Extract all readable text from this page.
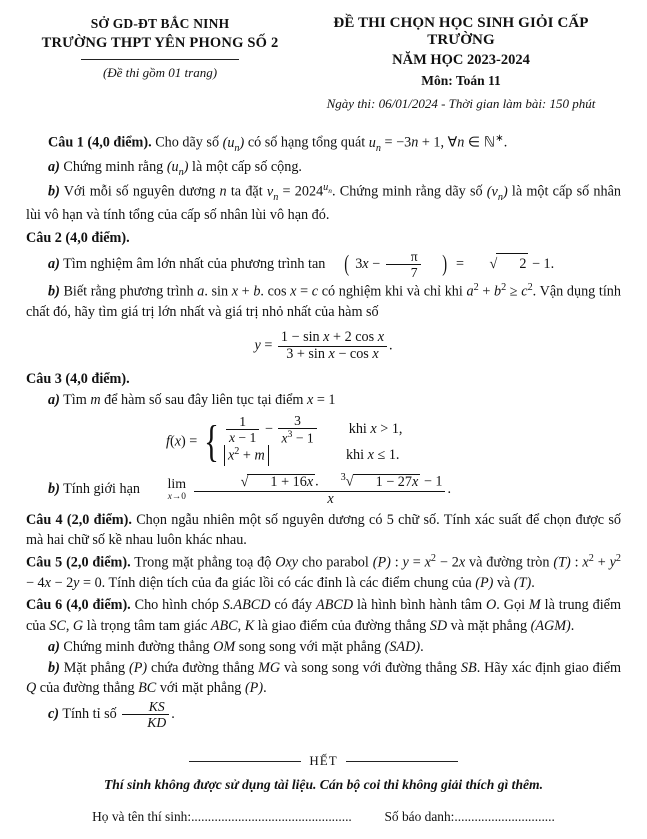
SỞ GD-ĐT BẮC NINH
TRƯỜNG THPT YÊN PHONG SỐ 2
(Đề thi gồm 01 trang)
ĐỀ THI CHỌN HỌC SINH GIỎI CẤP TRƯỜNG
NĂM HỌC 2023-2024
Môn: Toán 11
Ngày thi: 06/01/2024 - Thời gian làm bài: 150 phút
Câu 1 (4,0 điểm). Cho dãy số $(u_n)$ có số hạng tổng quát $u_n = -3n + 1$, ∀n ∈ ℕ∗.
a) Chứng minh rằng $(u_n)$ là một cấp số cộng.
b) Với mỗi số nguyên dương n ta đặt $v_n = 2024^{u_n}$. Chứng minh rằng dãy số $(v_n)$ là một cấp số nhân lùi vô hạn và tính tổng của cấp số nhân lùi vô hạn đó.
Câu 2 (4,0 điểm).
a) Tìm nghiệm âm lớn nhất của phương trình tan ( $3x - \frac{\pi}{7}$ ) = √ 2 − 1.
b) Biết rằng phương trình a. sin x + b. cos x = c có nghiệm khi và chỉ khi $a^2 + b^2 \ge c^2$. Vận dụng tính chất đó, hãy tìm giá trị lớn nhất và giá trị nhỏ nhất của hàm số
$y = \frac{\text{1 − sin x + 2 cos x}}{\text{3 + sin x − cos x}}$ .
Câu 3 (4,0 điểm).
a) Tìm m để hàm số sau đây liên tục tại điểm x = 1
f(x) = { $\frac{1}{x - 1} - \frac{3}{x^3 - 1}$ khi x > 1,
$x^2 + m$	khi x ≤ 1.
b) Tính giới hạn	lim
x→0
$\frac{√ 1 + 16x . ^3√ 1 - 27x - 1}{x}$ .
Câu 4 (2,0 điểm). Chọn ngẫu nhiên một số nguyên dương có 5 chữ số. Tính xác suất để chọn được số mà hai chữ số kề nhau luôn khác nhau.
Câu 5 (2,0 điểm). Trong mặt phẳng toạ độ Oxy cho parabol (P) : $y = x^2 - 2x$ và đường tròn (T) : $x^2 + y^2 - 4x - 2y = 0$. Tính diện tích của đa giác lồi có các đỉnh là các điểm chung của (P) và (T).
Câu 6 (4,0 điểm). Cho hình chóp S.ABCD có đáy ABCD là hình bình hành tâm O. Gọi M là trung điểm của SC, G là trọng tâm tam giác ABC, K là giao điểm của đường thẳng SD và mặt phẳng (AGM).
a) Chứng minh đường thẳng OM song song với mặt phẳng (SAD).
b) Mặt phẳng (P) chứa đường thẳng MG và song song với đường thẳng SB. Hãy xác định giao điểm Q của đường thẳng BC với mặt phẳng (P).
c) Tính tỉ số $\frac{KS}{KD}$ .
HẾT
Thí sinh không được sử dụng tài liệu. Cán bộ coi thi không giải thích gì thêm.
Họ và tên thí sinh:................................................ Số báo danh:..............................
